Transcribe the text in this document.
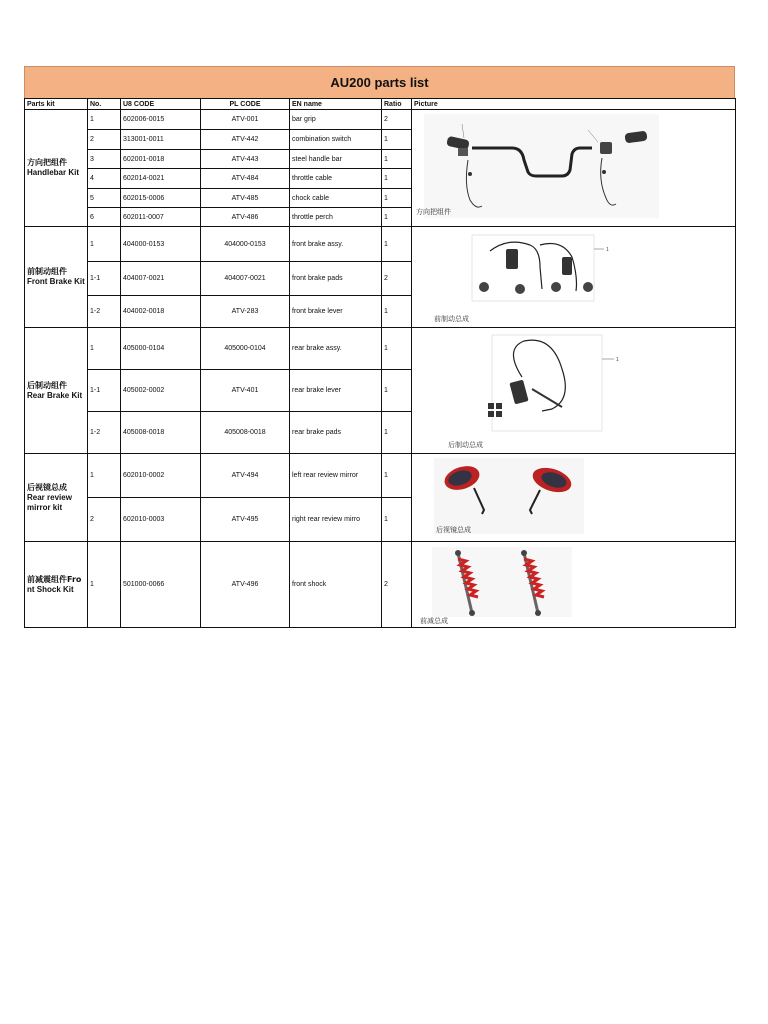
AU200 parts list
Parts kit	No.	U8 CODE	PL CODE	EN name	Ratio	Picture
方向把组件
Handlebar Kit	1	602006-0015	ATV-001	bar grip	2	方向把组件

	2	313001-0011	ATV-442	combination switch	1	
	3	602001-0018	ATV-443	steel handle bar	1	
	4	602014-0021	ATV-484	throttle cable	1	
	5	602015-0006	ATV-485	chock cable	1	
	6	602011-0007	ATV-486	throttle perch	1	
前制动组件
Front Brake Kit	1	404000-0153	404000-0153	front brake assy.	1	1
前制动总成

	1-1	404007-0021	404007-0021	front brake pads	2	
	1-2	404002-0018	ATV-283	front brake lever	1	
后制动组件
Rear Brake Kit	1	405000-0104	405000-0104	rear brake assy.	1	1
后制动总成

	1-1	405002-0002	ATV-401	rear brake lever	1	
	1-2	405008-0018	405008-0018	rear brake pads	1	
后视镜总成
Rear review mirror kit	1	602010-0002	ATV-494	left rear review mirror	1	后视镜总成

	2	602010-0003	ATV-495	right rear review mirro	1	
前减震组件Fro
nt Shock Kit	1	501000-0066	ATV-496	front shock	2	前减总成
